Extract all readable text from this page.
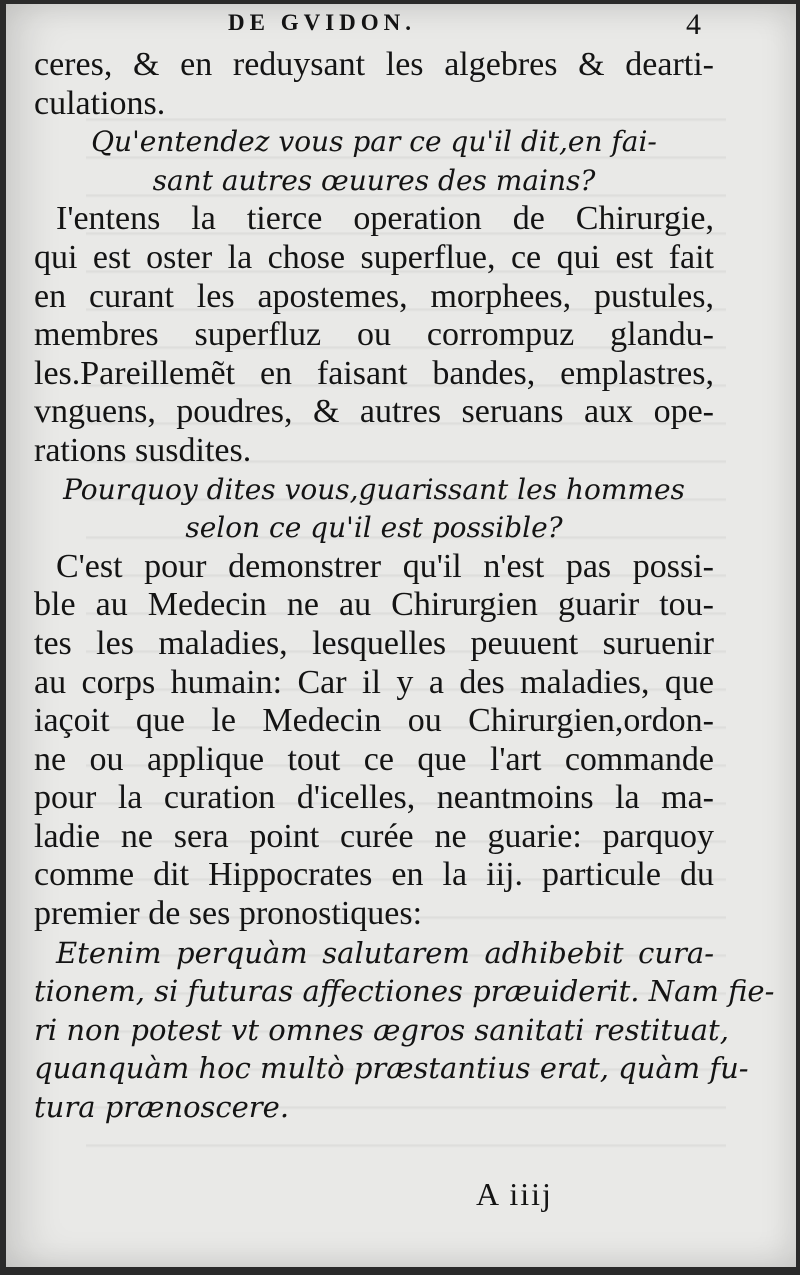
DE GVIDON.	4
ceres, & en reduysant les algebres & dearti-
culations.
Qu'entendez vous par ce qu'il dit,en fai-
sant autres œuures des mains?
I'entens la tierce operation de Chirurgie,
qui est oster la chose superflue, ce qui est fait
en curant les apostemes, morphees, pustules,
membres superfluz ou corrompuz glandu-
les.Pareillemẽt en faisant bandes, emplastres,
vnguens, poudres, & autres seruans aux ope-
rations susdites.
Pourquoy dites vous,guarissant les hommes
selon ce qu'il est possible?
C'est pour demonstrer qu'il n'est pas possi-
ble au Medecin ne au Chirurgien guarir tou-
tes les maladies, lesquelles peuuent suruenir
au corps humain: Car il y a des maladies, que
iaçoit que le Medecin ou Chirurgien,ordon-
ne ou applique tout ce que l'art commande
pour la curation d'icelles, neantmoins la ma-
ladie ne sera point curée ne guarie: parquoy
comme dit Hippocrates en la iij. particule du
premier de ses pronostiques:
Etenim perquàm salutarem adhibebit cura-
tionem, si futuras affectiones præuiderit. Nam fie-
ri non potest vt omnes ægros sanitati restituat,
quanquàm hoc multò præstantius erat, quàm fu-
tura prænoscere.
A iiij
